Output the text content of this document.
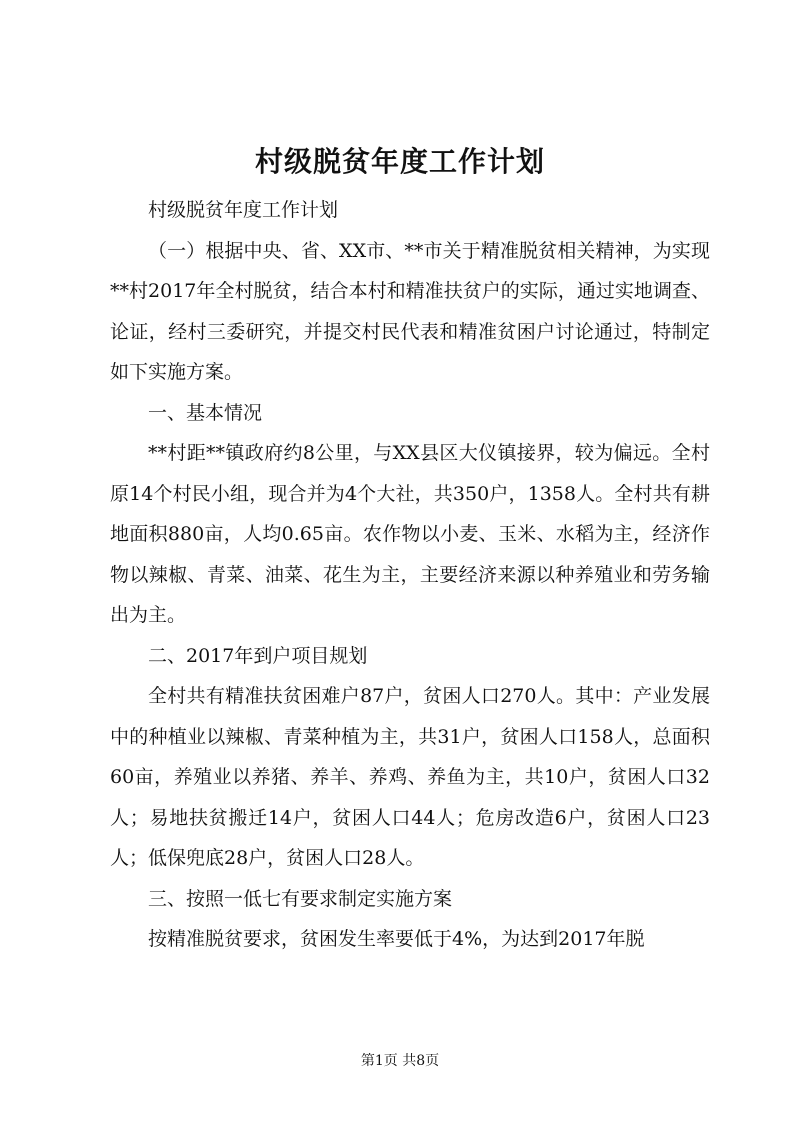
村级脱贫年度工作计划

村级脱贫年度工作计划

（一）根据中央、省、XX市、**市关于精准脱贫相关精神，为实现**村2017年全村脱贫，结合本村和精准扶贫户的实际，通过实地调查、论证，经村三委研究，并提交村民代表和精准贫困户讨论通过，特制定如下实施方案。

一、基本情况

**村距**镇政府约8公里，与XX县区大仪镇接界，较为偏远。全村原14个村民小组，现合并为4个大社，共350户，1358人。全村共有耕地面积880亩，人均0.65亩。农作物以小麦、玉米、水稻为主，经济作物以辣椒、青菜、油菜、花生为主，主要经济来源以种养殖业和劳务输出为主。

二、2017年到户项目规划

全村共有精准扶贫困难户87户，贫困人口270人。其中：产业发展中的种植业以辣椒、青菜种植为主，共31户，贫困人口158人，总面积60亩，养殖业以养猪、养羊、养鸡、养鱼为主，共10户，贫困人口32人；易地扶贫搬迁14户，贫困人口44人；危房改造6户，贫困人口23人；低保兜底28户，贫困人口28人。

三、按照一低七有要求制定实施方案

按精准脱贫要求，贫困发生率要低于4%，为达到2017年脱

第1页 共8页
